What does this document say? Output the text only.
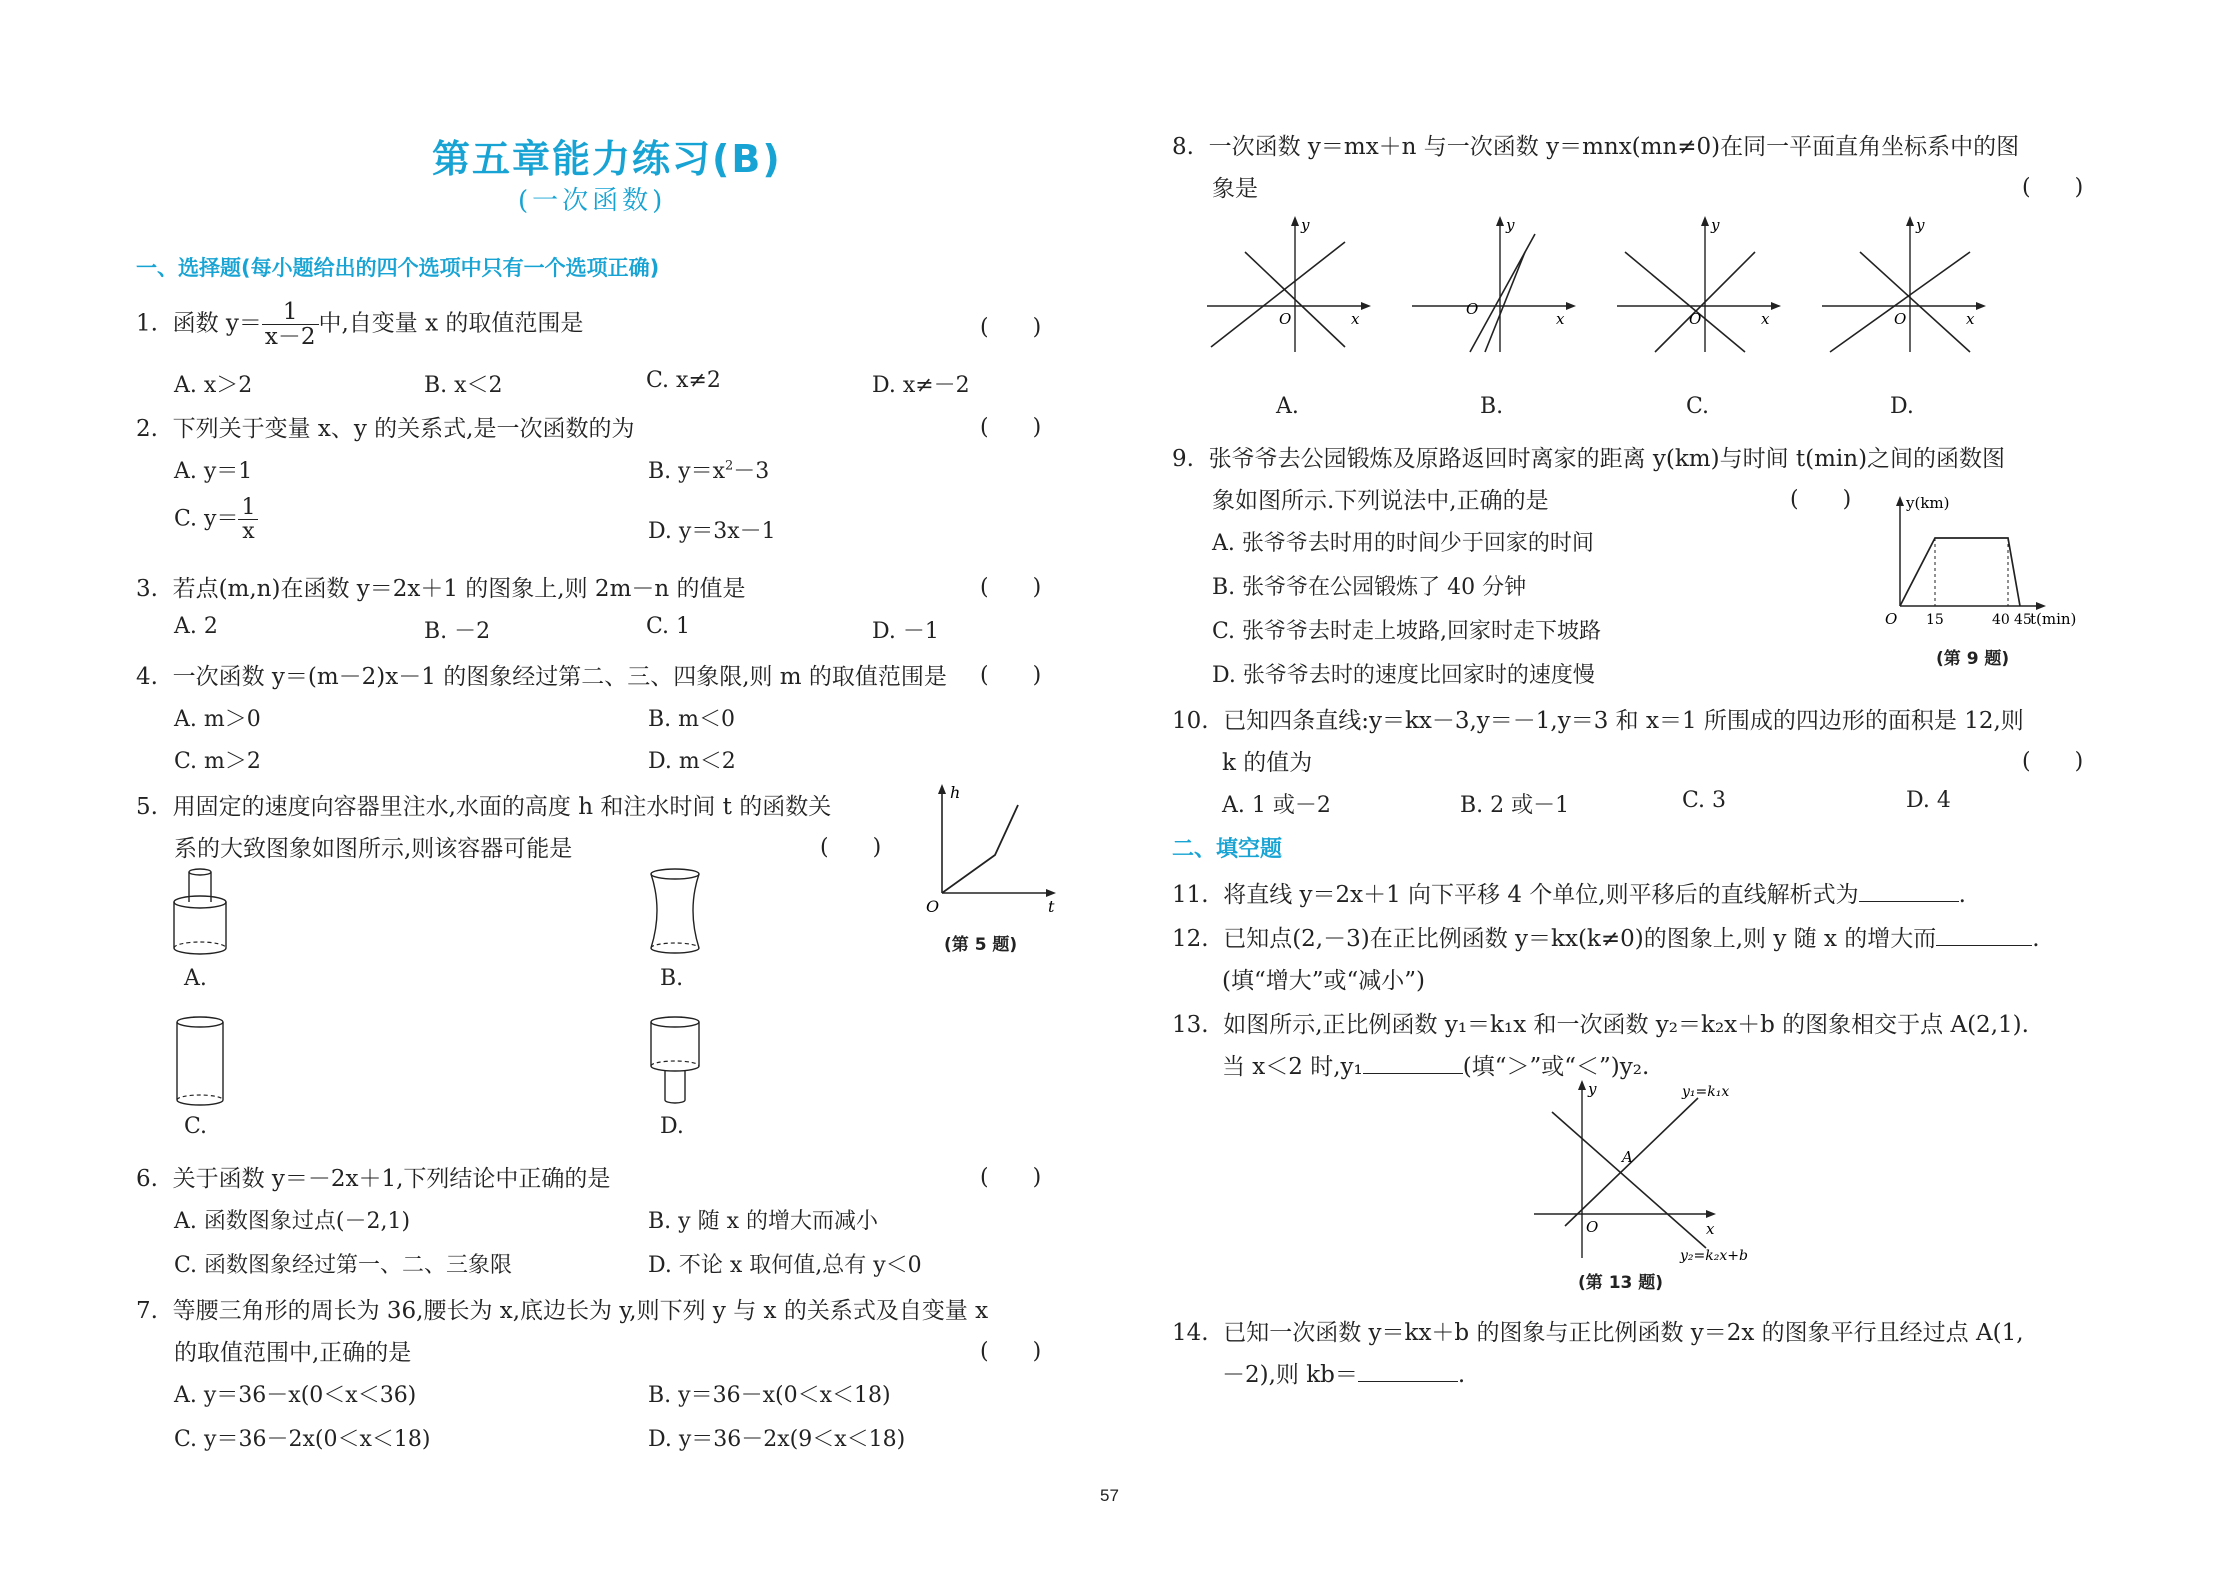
第五章能力练习(B)
(一次函数)
一、选择题(每小题给出的四个选项中只有一个选项正确)
1. 函数 $y= \frac{1}{x-2}$ 中,自变量 x 的取值范围是	(　　)
A. x＞2	B. x＜2	C. x≠2	D. x≠－2
2. 下列关于变量 x、y 的关系式,是一次函数的为	(　　)
A. y＝1	B. $y=x^2-3$
C. $y= \frac{1}{x}$	D. y＝3x－1
3. 若点(m,n)在函数 y＝2x＋1 的图象上,则 2m－n 的值是	(　　)
A. 2	B. －2	C. 1	D. －1
4. 一次函数 y＝(m－2)x－1 的图象经过第二、三、四象限,则 m 的取值范围是 (　　)
A. m＞0	B. m＜0
C. m＞2	D. m＜2
5. 用固定的速度向容器里注水,水面的高度 h 和注水时间 t 的函数关
系的大致图象如图所示,则该容器可能是	(　　)
h
t
O
(第 5 题)
A.	B.
C.	D.
6. 关于函数 y＝－2x＋1,下列结论中正确的是	(　　)
A. 函数图象过点(－2,1)	B. y 随 x 的增大而减小
C. 函数图象经过第一、二、三象限	D. 不论 x 取何值,总有 y＜0
7. 等腰三角形的周长为 36,腰长为 x,底边长为 y,则下列 y 与 x 的关系式及自变量 x
的取值范围中,正确的是	(　　)
A. y＝36－x(0＜x＜36)	B. y＝36－x(0＜x＜18)
C. y＝36－2x(0＜x＜18)	D. y＝36－2x(9＜x＜18)
8. 一次函数 y＝mx＋n 与一次函数 y＝mnx(mn≠0)在同一平面直角坐标系中的图
象是	(　　)
y
x
O
A.
y
x
O
B.
y
x
O
C.
y
x
O
D.
9. 张爷爷去公园锻炼及原路返回时离家的距离 y(km)与时间 t(min)之间的函数图
象如图所示.下列说法中,正确的是	(　　)
A. 张爷爷去时用的时间少于回家的时间
B. 张爷爷在公园锻炼了 40 分钟
C. 张爷爷去时走上坡路,回家时走下坡路
D. 张爷爷去时的速度比回家时的速度慢
y(km)
t(min)
O 15	40 45
(第 9 题)
10. 已知四条直线:y＝kx－3,y＝－1,y＝3 和 x＝1 所围成的四边形的面积是 12,则
k 的值为	(　　)
A. 1 或－2	B. 2 或－1	C. 3	D. 4
二、填空题
11. 将直线 y＝2x＋1 向下平移 4 个单位,则平移后的直线解析式为	.
12. 已知点(2,－3)在正比例函数 y＝kx(k≠0)的图象上,则 y 随 x 的增大而	.
(填“增大”或“减小”)
13. 如图所示,正比例函数 y₁＝k₁x 和一次函数 y₂＝k₂x＋b 的图象相交于点 A(2,1).
当 x＜2 时,y₁	(填“＞”或“＜”)y₂.
y
x
O
A
y₁=k₁x
y₂=k₂x+b
(第 13 题)
14. 已知一次函数 y＝kx＋b 的图象与正比例函数 y＝2x 的图象平行且经过点 A(1,
－2),则 kb＝	.
57
